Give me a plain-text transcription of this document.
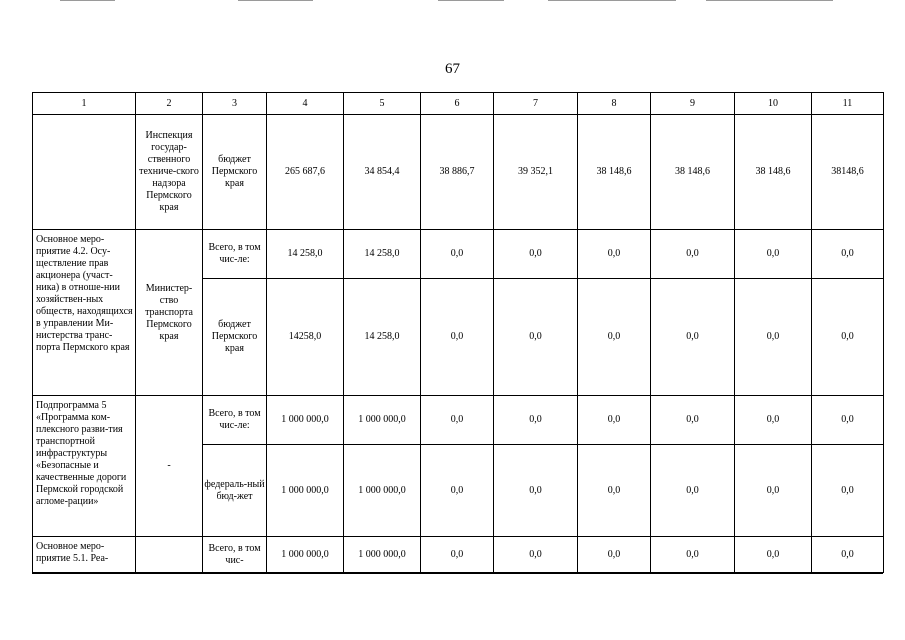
67
1	2	3	4	5	6	7	8	9	10	11
	Инспекция государ-ственного техниче-ского надзора Пермского края	бюджет Пермского края	265 687,6	34 854,4	38 886,7	39 352,1	38 148,6	38 148,6	38 148,6	38148,6
Основное меро-приятие 4.2. Осу-ществление прав акционера (участ-ника) в отноше-нии хозяйствен-ных обществ, находящихся в управлении Ми-нистерства транс-порта Пермского края	Министер-ство транспорта Пермского края	Всего, в том чис-ле:	14 258,0	14 258,0	0,0	0,0	0,0	0,0	0,0	0,0
		бюджет Пермского края	14258,0	14 258,0	0,0	0,0	0,0	0,0	0,0	0,0
Подпрограмма 5 «Программа ком-плексного разви-тия транспортной инфраструктуры «Безопасные и качественные дороги Пермской городской агломе-рации»	-	Всего, в том чис-ле:	1 000 000,0	1 000 000,0	0,0	0,0	0,0	0,0	0,0	0,0
		федераль-ный бюд-жет	1 000 000,0	1 000 000,0	0,0	0,0	0,0	0,0	0,0	0,0
Основное меро-приятие 5.1. Реа-		Всего, в том чис-	1 000 000,0	1 000 000,0	0,0	0,0	0,0	0,0	0,0	0,0
